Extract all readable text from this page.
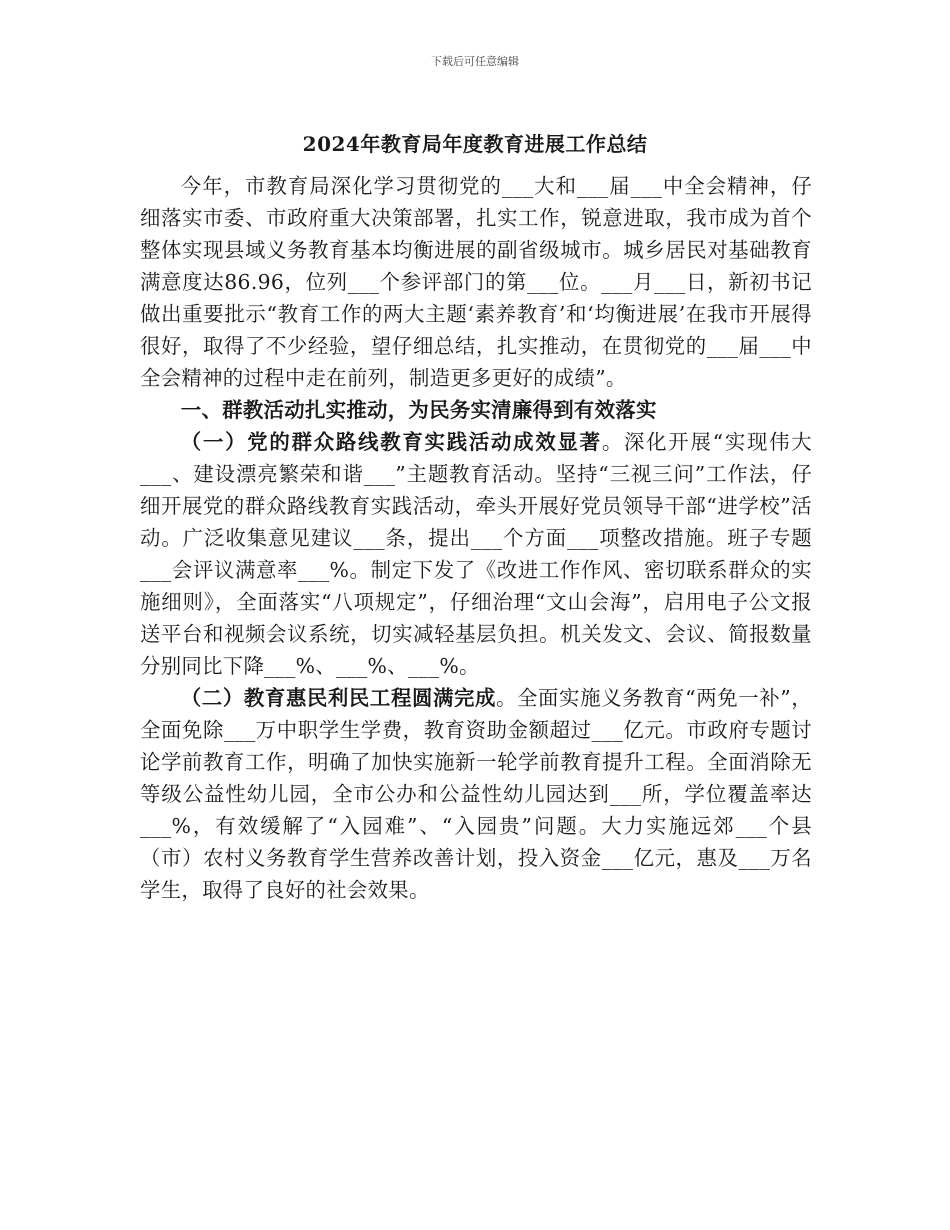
下载后可任意编辑
2024年教育局年度教育进展工作总结

今年，市教育局深化学习贯彻党的___大和___届___中全会精神，仔细落实市委、市政府重大决策部署，扎实工作，锐意进取，我市成为首个整体实现县域义务教育基本均衡进展的副省级城市。城乡居民对基础教育满意度达86.96，位列___个参评部门的第___位。___月___日，新初书记做出重要批示“教育工作的两大主题‘素养教育’和‘均衡进展’在我市开展得很好，取得了不少经验，望仔细总结，扎实推动，在贯彻党的___届___中全会精神的过程中走在前列，制造更多更好的成绩”。

一、群教活动扎实推动，为民务实清廉得到有效落实

（一）党的群众路线教育实践活动成效显著。深化开展“实现伟大___、建设漂亮繁荣和谐___”主题教育活动。坚持“三视三问”工作法，仔细开展党的群众路线教育实践活动，牵头开展好党员领导干部“进学校”活动。广泛收集意见建议___条，提出___个方面___项整改措施。班子专题___会评议满意率___%。制定下发了《改进工作作风、密切联系群众的实施细则》，全面落实“八项规定”，仔细治理“文山会海”，启用电子公文报送平台和视频会议系统，切实减轻基层负担。机关发文、会议、简报数量分别同比下降___%、___%、___%。

（二）教育惠民利民工程圆满完成。全面实施义务教育“两免一补”，全面免除___万中职学生学费，教育资助金额超过___亿元。市政府专题讨论学前教育工作，明确了加快实施新一轮学前教育提升工程。全面消除无等级公益性幼儿园，全市公办和公益性幼儿园达到___所，学位覆盖率达___%，有效缓解了“入园难”、“入园贵”问题。大力实施远郊___个县（市）农村义务教育学生营养改善计划，投入资金___亿元，惠及___万名学生，取得了良好的社会效果。
